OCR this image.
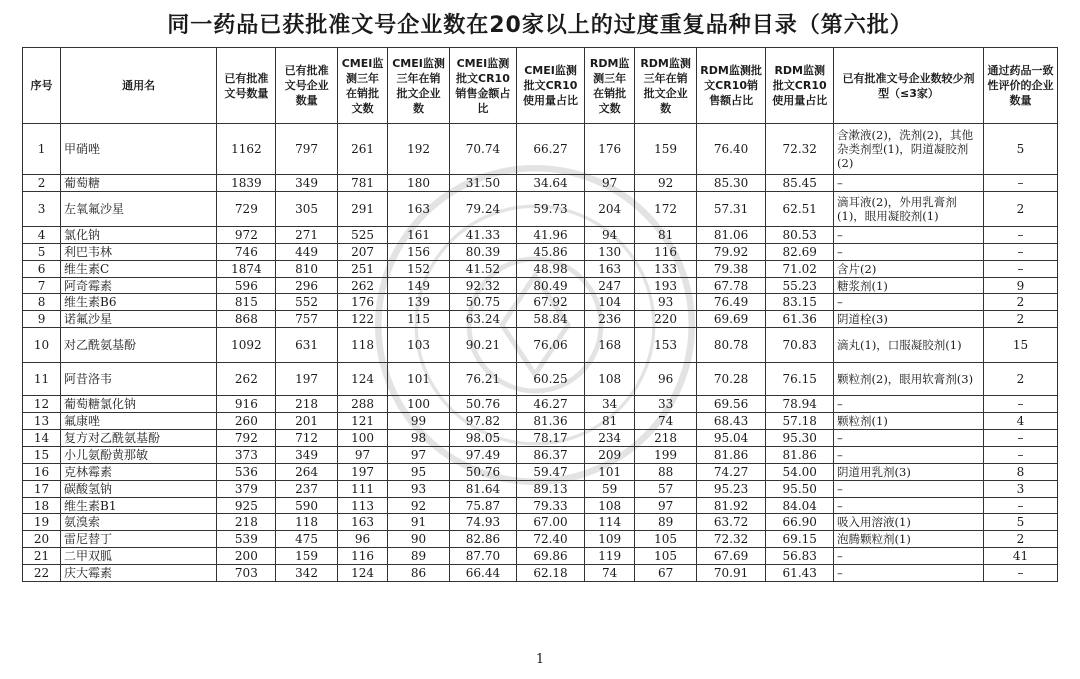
同一药品已获批准文号企业数在20家以上的过度重复品种目录（第六批）
序号	通用名	已有批准文号数量	已有批准文号企业数量	CMEI监测三年在销批文数	CMEI监测三年在销批文企业数	CMEI监测批文CR10销售金额占比	CMEI监测批文CR10使用量占比	RDM监测三年在销批文数	RDM监测三年在销批文企业数	RDM监测批文CR10销售额占比	RDM监测批文CR10使用量占比	已有批准文号企业数较少剂型（≤3家）	通过药品一致性评价的企业数量
1	甲硝唑	1162	797	261	192	70.74	66.27	176	159	76.40	72.32	含漱液(2)，洗剂(2)，其他杂类剂型(1)，阴道凝胶剂(2)	5
2	葡萄糖	1839	349	781	180	31.50	34.64	97	92	85.30	85.45	–	–
3	左氧氟沙星	729	305	291	163	79.24	59.73	204	172	57.31	62.51	滴耳液(2)，外用乳膏剂(1)，眼用凝胶剂(1)	2
4	氯化钠	972	271	525	161	41.33	41.96	94	81	81.06	80.53	–	–
5	利巴韦林	746	449	207	156	80.39	45.86	130	116	79.92	82.69	–	–
6	维生素C	1874	810	251	152	41.52	48.98	163	133	79.38	71.02	含片(2)	–
7	阿奇霉素	596	296	262	149	92.32	80.49	247	193	67.78	55.23	糖浆剂(1)	9
8	维生素B6	815	552	176	139	50.75	67.92	104	93	76.49	83.15	–	2
9	诺氟沙星	868	757	122	115	63.24	58.84	236	220	69.69	61.36	阴道栓(3)	2
10	对乙酰氨基酚	1092	631	118	103	90.21	76.06	168	153	80.78	70.83	滴丸(1)，口服凝胶剂(1)	15
11	阿昔洛韦	262	197	124	101	76.21	60.25	108	96	70.28	76.15	颗粒剂(2)，眼用软膏剂(3)	2
12	葡萄糖氯化钠	916	218	288	100	50.76	46.27	34	33	69.56	78.94	–	–
13	氟康唑	260	201	121	99	97.82	81.36	81	74	68.43	57.18	颗粒剂(1)	4
14	复方对乙酰氨基酚	792	712	100	98	98.05	78.17	234	218	95.04	95.30	–	–
15	小儿氨酚黄那敏	373	349	97	97	97.49	86.37	209	199	81.86	81.86	–	–
16	克林霉素	536	264	197	95	50.76	59.47	101	88	74.27	54.00	阴道用乳剂(3)	8
17	碳酸氢钠	379	237	111	93	81.64	89.13	59	57	95.23	95.50	–	3
18	维生素B1	925	590	113	92	75.87	79.33	108	97	81.92	84.04	–	–
19	氨溴索	218	118	163	91	74.93	67.00	114	89	63.72	66.90	吸入用溶液(1)	5
20	雷尼替丁	539	475	96	90	82.86	72.40	109	105	72.32	69.15	泡腾颗粒剂(1)	2
21	二甲双胍	200	159	116	89	87.70	69.86	119	105	67.69	56.83	–	41
22	庆大霉素	703	342	124	86	66.44	62.18	74	67	70.91	61.43	–	–
1
